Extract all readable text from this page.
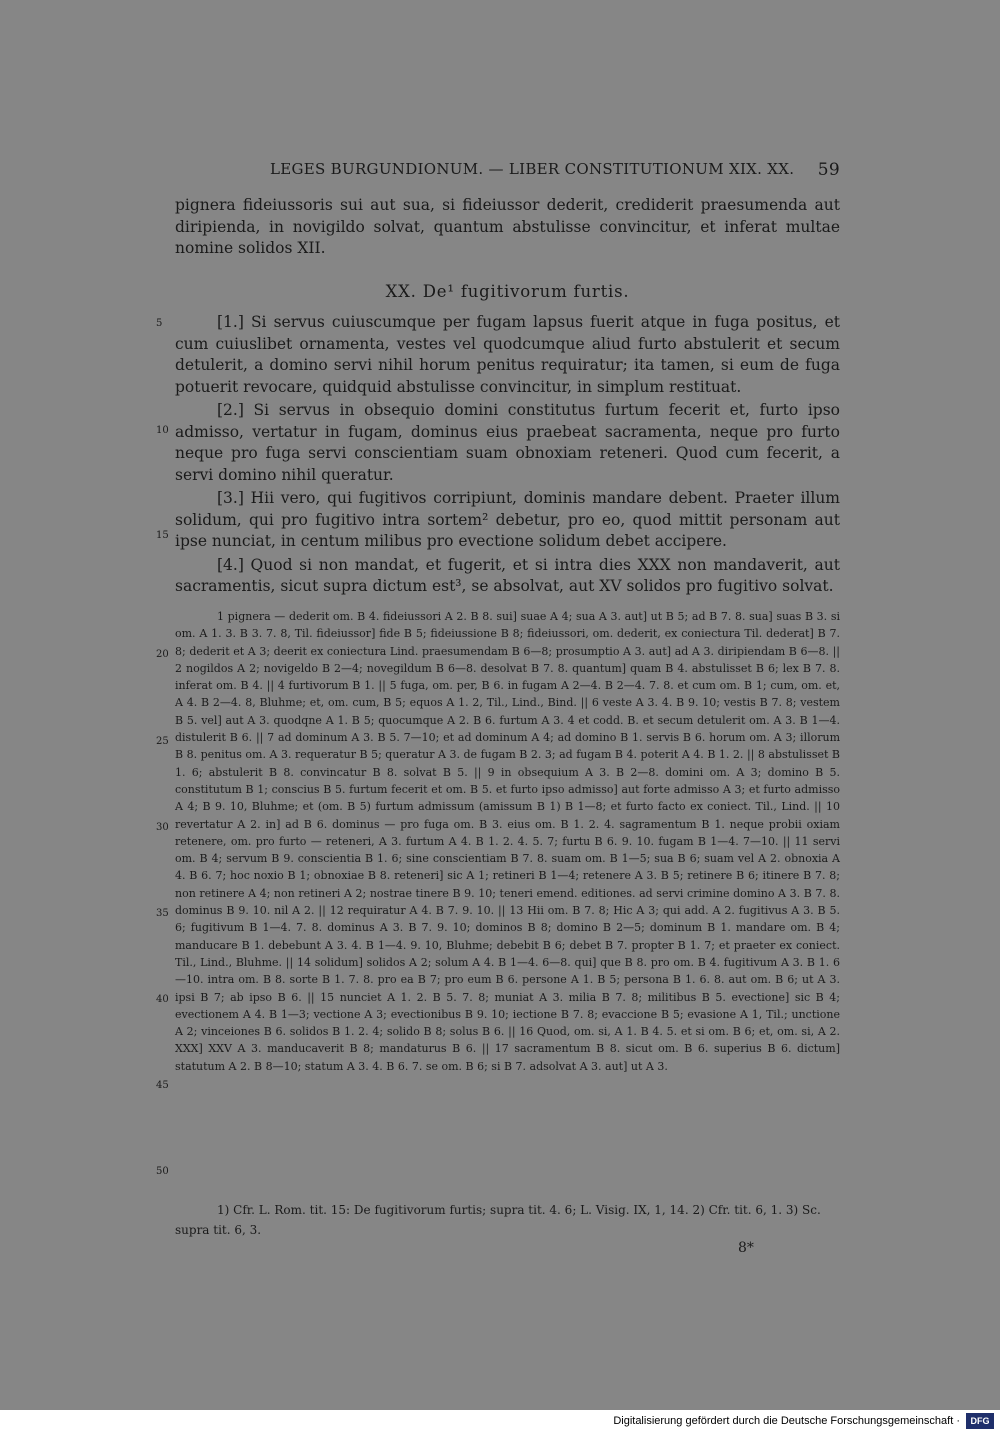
LEGES BURGUNDIONUM. — LIBER CONSTITUTIONUM XIX. XX. 59

pignera fideiussoris sui aut sua, si fideiussor dederit, crediderit praesumenda aut diripienda, in novigildo solvat, quantum abstulisse convincitur, et inferat multae nomine solidos XII.

XX. De¹ fugitivorum furtis.

[1.] Si servus cuiuscumque per fugam lapsus fuerit atque in fuga positus, et cum cuiuslibet ornamenta, vestes vel quodcumque aliud furto abstulerit et secum detulerit, a domino servi nihil horum penitus requiratur; ita tamen, si eum de fuga potuerit revocare, quidquid abstulisse convincitur, in simplum restituat.

[2.] Si servus in obsequio domini constitutus furtum fecerit et, furto ipso admisso, vertatur in fugam, dominus eius praebeat sacramenta, neque pro furto neque pro fuga servi conscientiam suam obnoxiam reteneri. Quod cum fecerit, a servi domino nihil queratur.

[3.] Hii vero, qui fugitivos corripiunt, dominis mandare debent. Praeter illum solidum, qui pro fugitivo intra sortem² debetur, pro eo, quod mittit personam aut ipse nunciat, in centum milibus pro evectione solidum debet accipere.

[4.] Quod si non mandat, et fugerit, et si intra dies XXX non mandaverit, aut sacramentis, sicut supra dictum est³, se absolvat, aut XV solidos pro fugitivo solvat.

5
10
15
20
25
30
35
40
45
50

1 pignera — dederit om. B 4. fideiussori A 2. B 8. sui] suae A 4; sua A 3. aut] ut B 5; ad B 7. 8. sua] suas B 3. si om. A 1. 3. B 3. 7. 8, Til. fideiussor] fide B 5; fideiussione B 8; fideiussori, om. dederit, ex coniectura Til. dederat] B 7. 8; dederit et A 3; deerit ex coniectura Lind. praesumendam B 6—8; prosumptio A 3. aut] ad A 3. diripiendam B 6—8. || 2 nogildos A 2; novigeldo B 2—4; novegildum B 6—8. desolvat B 7. 8. quantum] quam B 4. abstulisset B 6; lex B 7. 8. inferat om. B 4. || 4 furtivorum B 1. || 5 fuga, om. per, B 6. in fugam A 2—4. B 2—4. 7. 8. et cum om. B 1; cum, om. et, A 4. B 2—4. 8, Bluhme; et, om. cum, B 5; equos A 1. 2, Til., Lind., Bind. || 6 veste A 3. 4. B 9. 10; vestis B 7. 8; vestem B 5. vel] aut A 3. quodqne A 1. B 5; quocumque A 2. B 6. furtum A 3. 4 et codd. B. et secum detulerit om. A 3. B 1—4. distulerit B 6. || 7 ad dominum A 3. B 5. 7—10; et ad dominum A 4; ad domino B 1. servis B 6. horum om. A 3; illorum B 8. penitus om. A 3. requeratur B 5; queratur A 3. de fugam B 2. 3; ad fugam B 4. poterit A 4. B 1. 2. || 8 abstulisset B 1. 6; abstulerit B 8. convincatur B 8. solvat B 5. || 9 in obsequium A 3. B 2—8. domini om. A 3; domino B 5. constitutum B 1; conscius B 5. furtum fecerit et om. B 5. et furto ipso admisso] aut forte admisso A 3; et furto admisso A 4; B 9. 10, Bluhme; et (om. B 5) furtum admissum (amissum B 1) B 1—8; et furto facto ex coniect. Til., Lind. || 10 revertatur A 2. in] ad B 6. dominus — pro fuga om. B 3. eius om. B 1. 2. 4. sagramentum B 1. neque probii oxiam retenere, om. pro furto — reteneri, A 3. furtum A 4. B 1. 2. 4. 5. 7; furtu B 6. 9. 10. fugam B 1—4. 7—10. || 11 servi om. B 4; servum B 9. conscientia B 1. 6; sine conscientiam B 7. 8. suam om. B 1—5; sua B 6; suam vel A 2. obnoxia A 4. B 6. 7; hoc noxio B 1; obnoxiae B 8. reteneri] sic A 1; retineri B 1—4; retenere A 3. B 5; retinere B 6; itinere B 7. 8; non retinere A 4; non retineri A 2; nostrae tinere B 9. 10; teneri emend. editiones. ad servi crimine domino A 3. B 7. 8. dominus B 9. 10. nil A 2. || 12 requiratur A 4. B 7. 9. 10. || 13 Hii om. B 7. 8; Hic A 3; qui add. A 2. fugitivus A 3. B 5. 6; fugitivum B 1—4. 7. 8. dominus A 3. B 7. 9. 10; dominos B 8; domino B 2—5; dominum B 1. mandare om. B 4; manducare B 1. debebunt A 3. 4. B 1—4. 9. 10, Bluhme; debebit B 6; debet B 7. propter B 1. 7; et praeter ex coniect. Til., Lind., Bluhme. || 14 solidum] solidos A 2; solum A 4. B 1—4. 6—8. qui] que B 8. pro om. B 4. fugitivum A 3. B 1. 6—10. intra om. B 8. sorte B 1. 7. 8. pro ea B 7; pro eum B 6. persone A 1. B 5; persona B 1. 6. 8. aut om. B 6; ut A 3. ipsi B 7; ab ipso B 6. || 15 nunciet A 1. 2. B 5. 7. 8; muniat A 3. milia B 7. 8; militibus B 5. evectione] sic B 4; evectionem A 4. B 1—3; vectione A 3; evectionibus B 9. 10; iectione B 7. 8; evaccione B 5; evasione A 1, Til.; unctione A 2; vinceiones B 6. solidos B 1. 2. 4; solido B 8; solus B 6. || 16 Quod, om. si, A 1. B 4. 5. et si om. B 6; et, om. si, A 2. XXX] XXV A 3. manducaverit B 8; mandaturus B 6. || 17 sacramentum B 8. sicut om. B 6. superius B 6. dictum] statutum A 2. B 8—10; statum A 3. 4. B 6. 7. se om. B 6; si B 7. adsolvat A 3. aut] ut A 3.

1) Cfr. L. Rom. tit. 15: De fugitivorum furtis; supra tit. 4. 6; L. Visig. IX, 1, 14. 2) Cfr. tit. 6, 1. 3) Sc. supra tit. 6, 3.

8*
Digitalisierung gefördert durch die Deutsche Forschungsgemeinschaft ·	DFG
